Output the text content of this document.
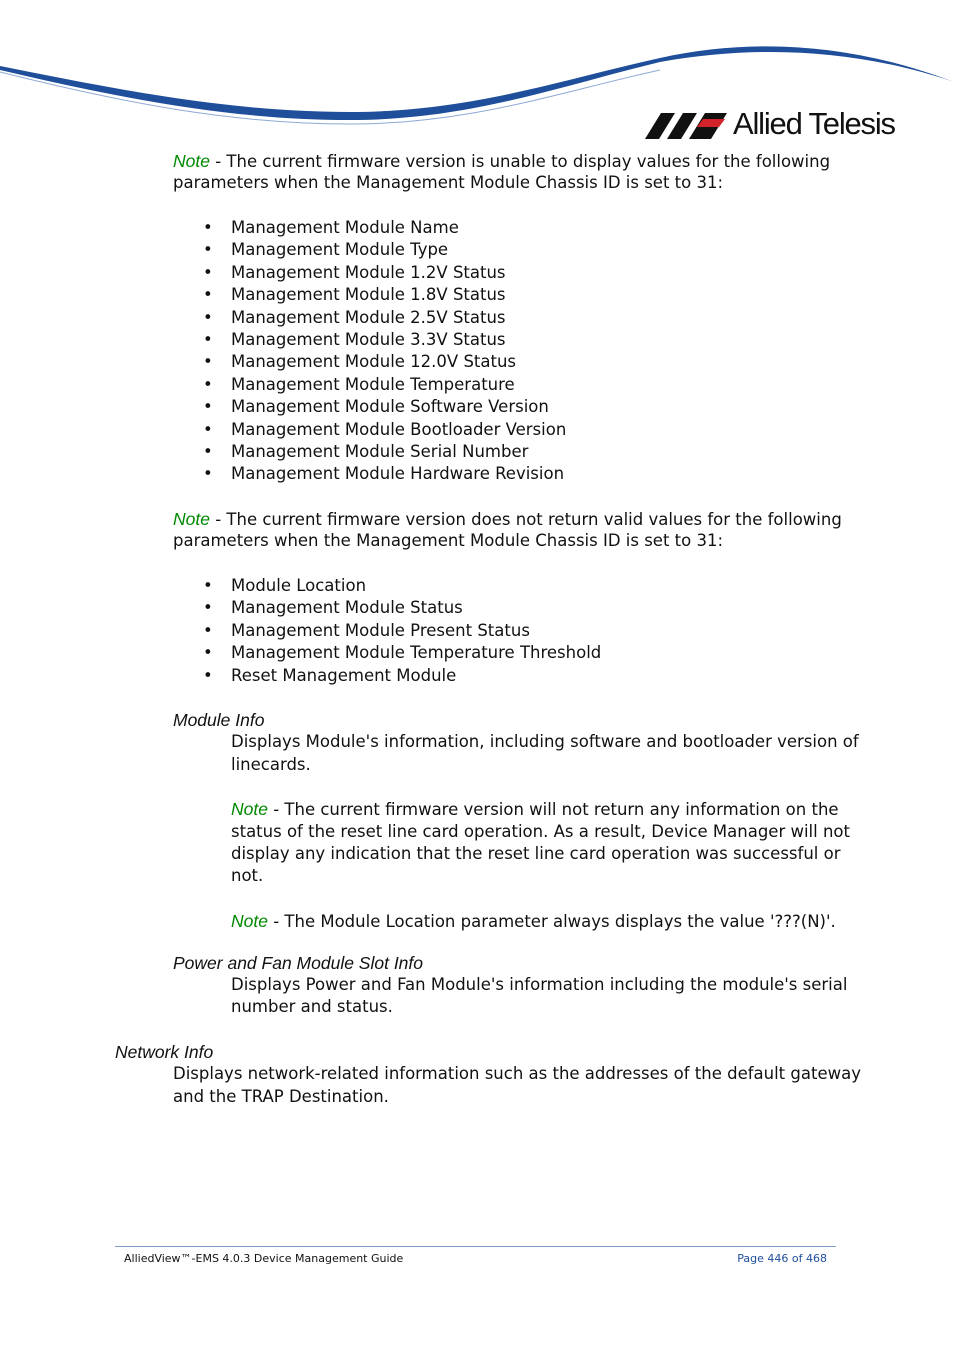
Allied Telesis
Note - The current firmware version is unable to display values for the following
parameters when the Management Module Chassis ID is set to 31:
• Management Module Name
• Management Module Type
• Management Module 1.2V Status
• Management Module 1.8V Status
• Management Module 2.5V Status
• Management Module 3.3V Status
• Management Module 12.0V Status
• Management Module Temperature
• Management Module Software Version
• Management Module Bootloader Version
• Management Module Serial Number
• Management Module Hardware Revision
Note - The current firmware version does not return valid values for the following
parameters when the Management Module Chassis ID is set to 31:
• Module Location
• Management Module Status
• Management Module Present Status
• Management Module Temperature Threshold
• Reset Management Module
Module Info
Displays Module's information, including software and bootloader version of
linecards.
Note - The current firmware version will not return any information on the
status of the reset line card operation. As a result, Device Manager will not
display any indication that the reset line card operation was successful or
not.
Note - The Module Location parameter always displays the value '???(N)'.
Power and Fan Module Slot Info
Displays Power and Fan Module's information including the module's serial
number and status.
Network Info
Displays network-related information such as the addresses of the default gateway
and the TRAP Destination.
AlliedView™-EMS 4.0.3 Device Management Guide	Page 446 of 468
